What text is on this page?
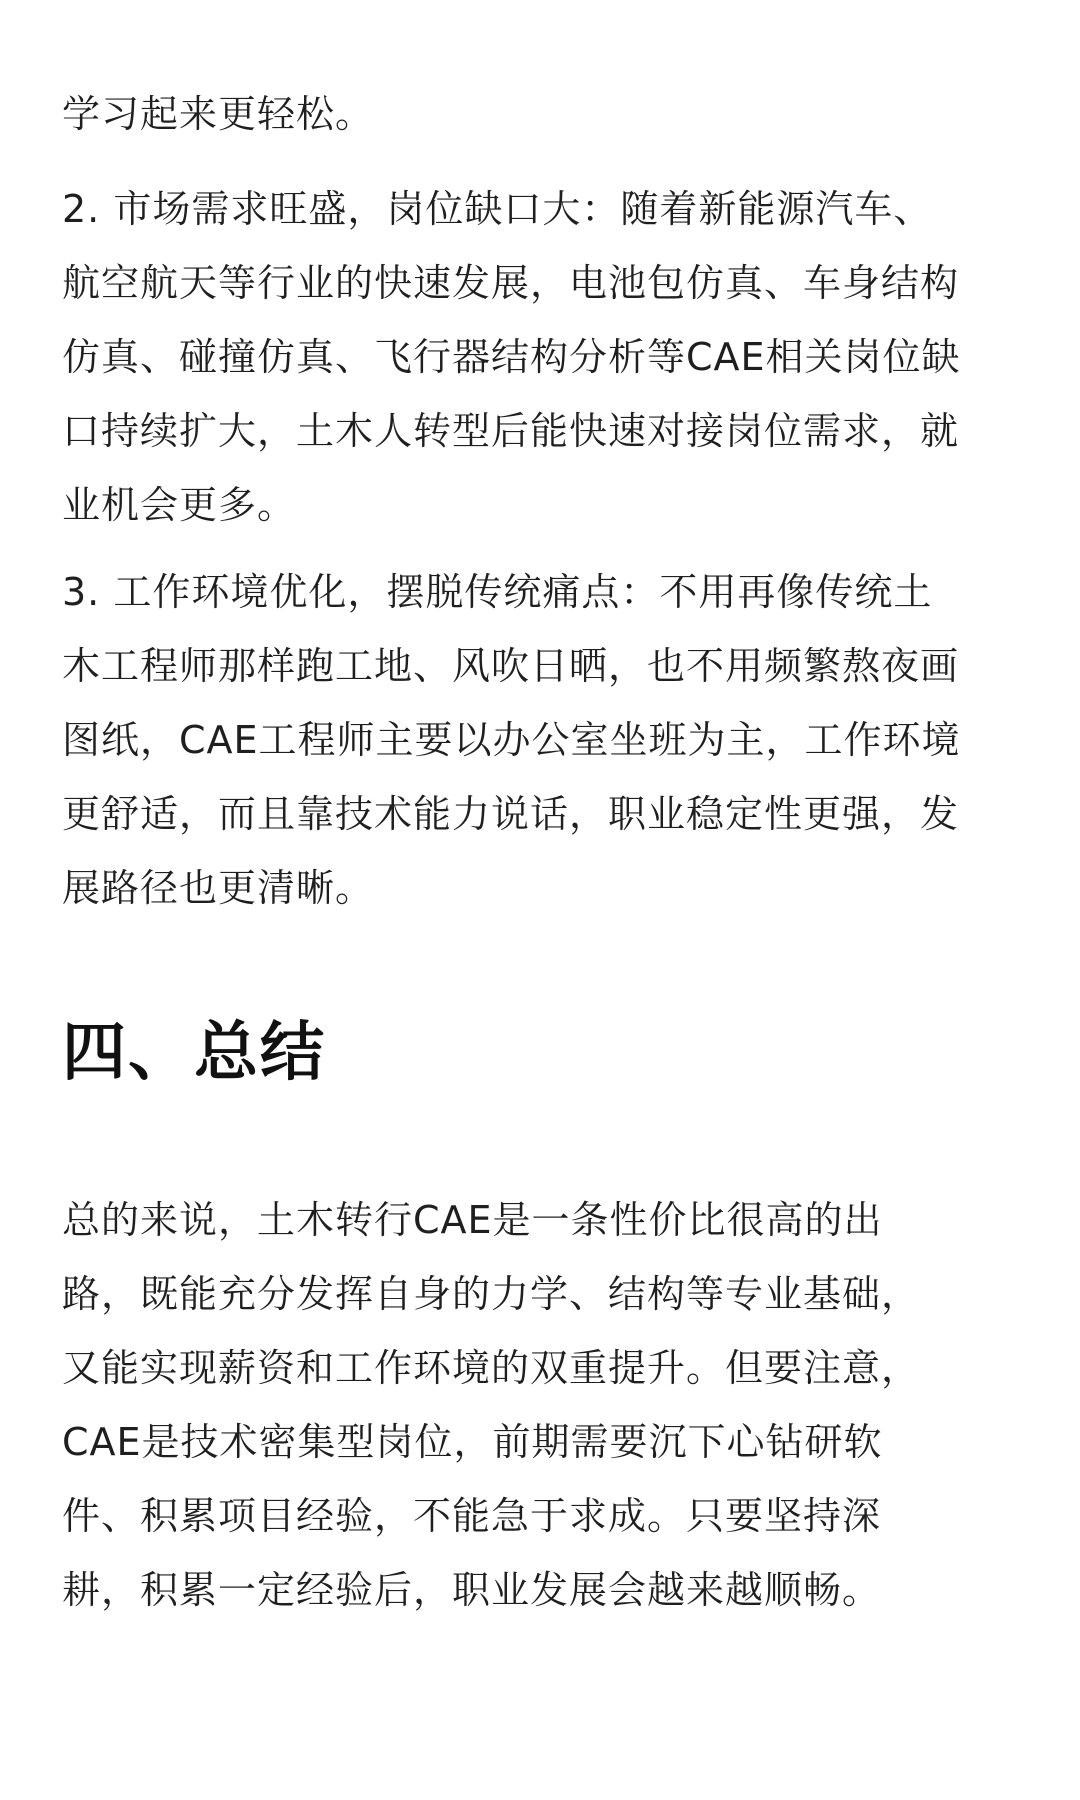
学习起来更轻松。

2. 市场需求旺盛，岗位缺口大：随着新能源汽车、
航空航天等行业的快速发展，电池包仿真、车身结构
仿真、碰撞仿真、飞行器结构分析等CAE相关岗位缺
口持续扩大，土木人转型后能快速对接岗位需求，就
业机会更多。

3. 工作环境优化，摆脱传统痛点：不用再像传统土
木工程师那样跑工地、风吹日晒，也不用频繁熬夜画
图纸，CAE工程师主要以办公室坐班为主，工作环境
更舒适，而且靠技术能力说话，职业稳定性更强，发
展路径也更清晰。

四、总结

总的来说，土木转行CAE是一条性价比很高的出
路，既能充分发挥自身的力学、结构等专业基础，
又能实现薪资和工作环境的双重提升。但要注意，
CAE是技术密集型岗位，前期需要沉下心钻研软
件、积累项目经验，不能急于求成。只要坚持深
耕，积累一定经验后，职业发展会越来越顺畅。
